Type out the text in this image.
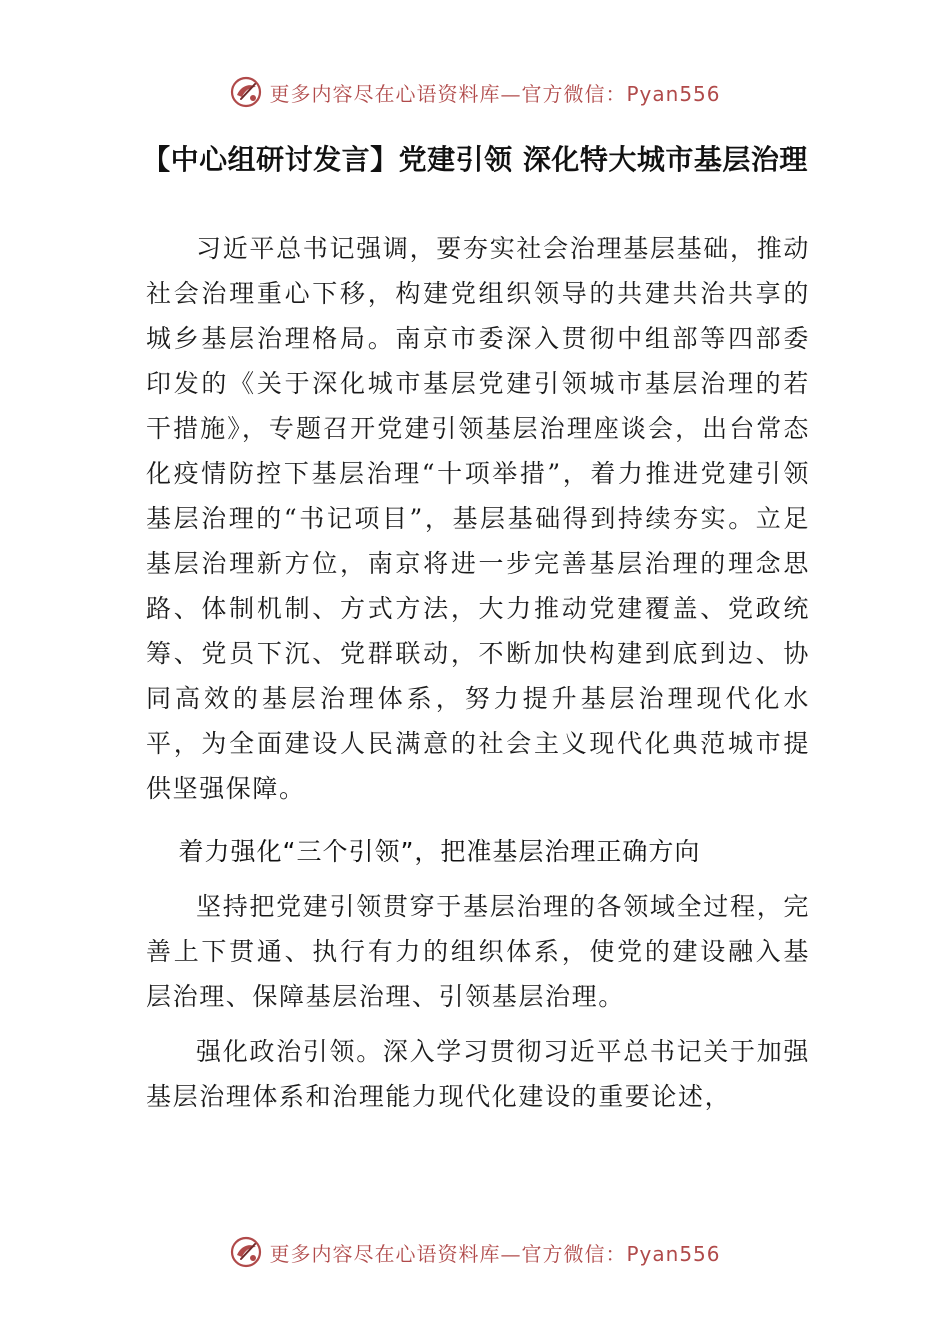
更多内容尽在心语资料库—官方微信：Pyan556
【中心组研讨发言】党建引领 深化特大城市基层治理

习近平总书记强调，要夯实社会治理基层基础，推动社会治理重心下移，构建党组织领导的共建共治共享的城乡基层治理格局。南京市委深入贯彻中组部等四部委印发的《关于深化城市基层党建引领城市基层治理的若干措施》，专题召开党建引领基层治理座谈会，出台常态化疫情防控下基层治理“十项举措”，着力推进党建引领基层治理的“书记项目”，基层基础得到持续夯实。立足基层治理新方位，南京将进一步完善基层治理的理念思路、体制机制、方式方法，大力推动党建覆盖、党政统筹、党员下沉、党群联动，不断加快构建到底到边、协同高效的基层治理体系，努力提升基层治理现代化水平，为全面建设人民满意的社会主义现代化典范城市提供坚强保障。

着力强化“三个引领”，把准基层治理正确方向

坚持把党建引领贯穿于基层治理的各领域全过程，完善上下贯通、执行有力的组织体系，使党的建设融入基层治理、保障基层治理、引领基层治理。

强化政治引领。深入学习贯彻习近平总书记关于加强基层治理体系和治理能力现代化建设的重要论述，

更多内容尽在心语资料库—官方微信：Pyan556
